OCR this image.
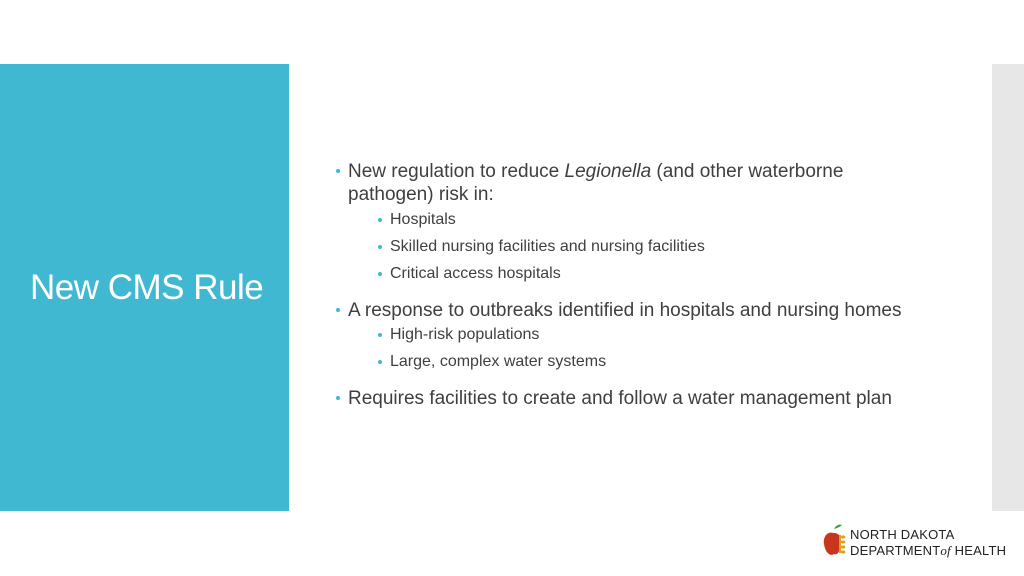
New CMS Rule
New regulation to reduce Legionella (and other waterborne pathogen) risk in:
Hospitals
Skilled nursing facilities and nursing facilities
Critical access hospitals
A response to outbreaks identified in hospitals and nursing homes
High-risk populations
Large, complex water systems
Requires facilities to create and follow a water management plan
NORTH DAKOTA
DEPARTMENTof HEALTH
